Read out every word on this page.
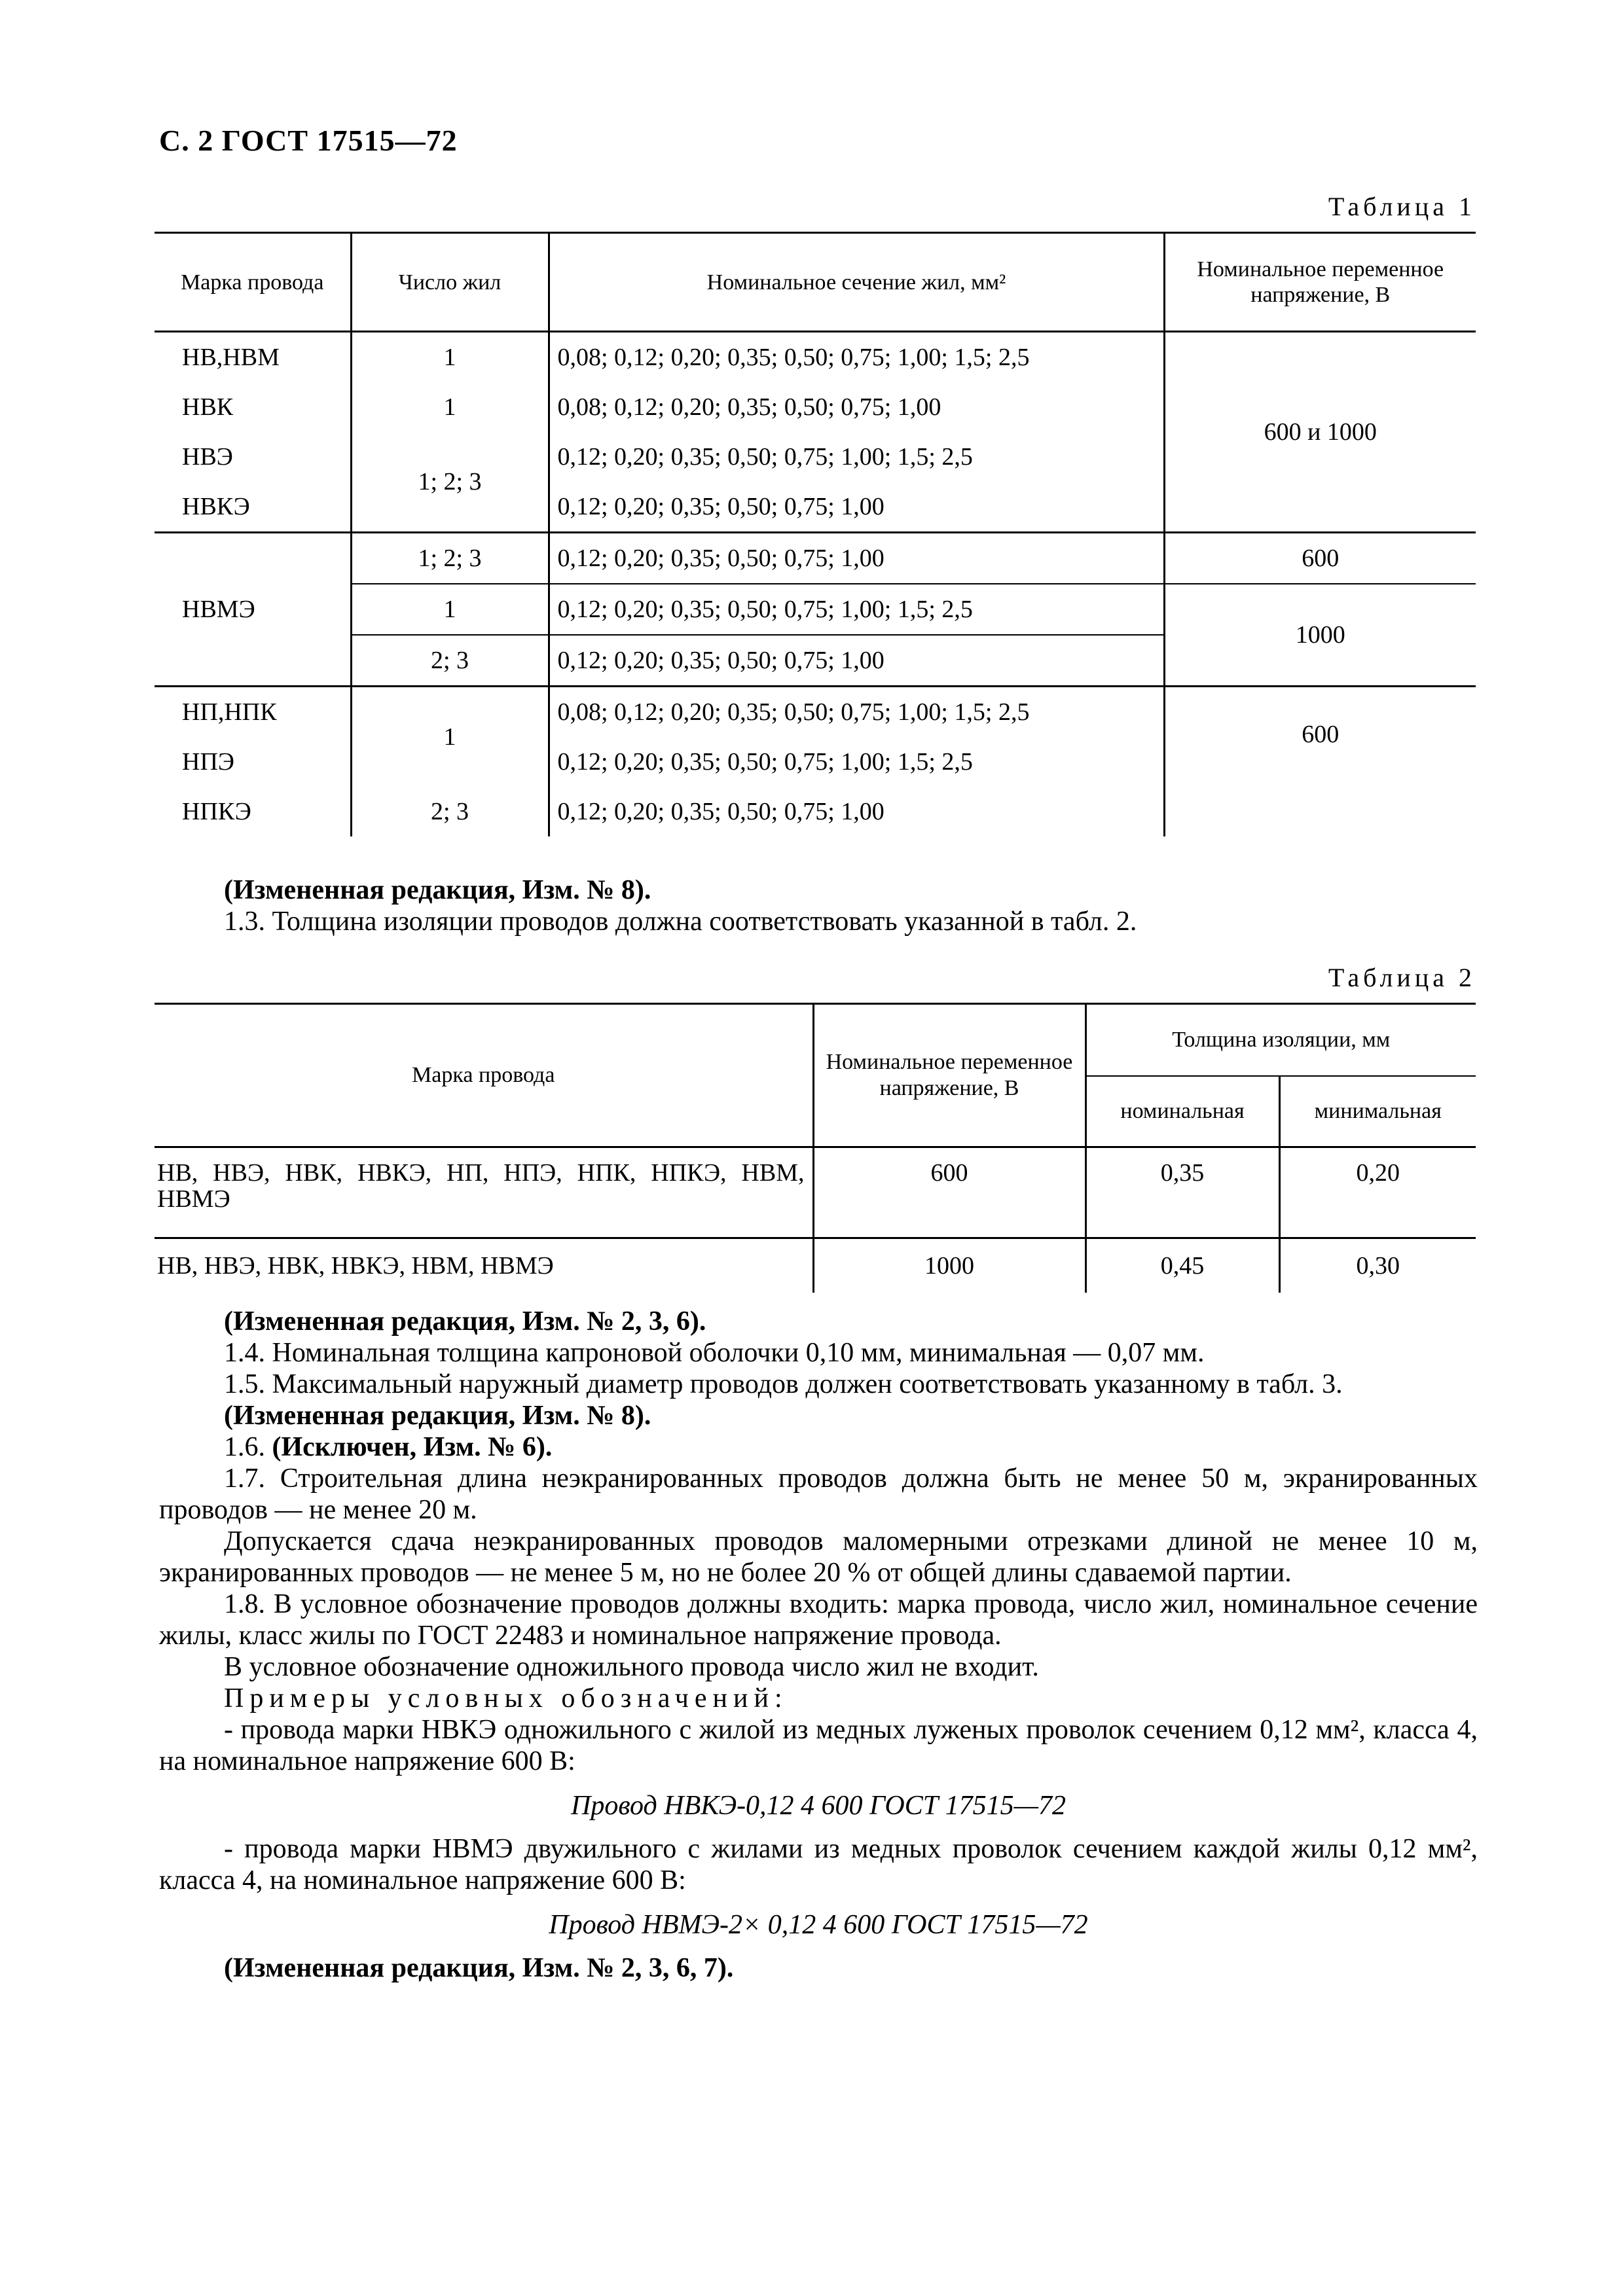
С. 2 ГОСТ 17515—72
Таблица 1
Марка провода	Число жил	Номинальное сечение жил, мм²	Номинальное переменное напряжение, В
НВ,НВМ	1	0,08; 0,12; 0,20; 0,35; 0,50; 0,75; 1,00; 1,5; 2,5	600 и 1000
НВК	1	0,08; 0,12; 0,20; 0,35; 0,50; 0,75; 1,00	
НВЭ	1; 2; 3	0,12; 0,20; 0,35; 0,50; 0,75; 1,00; 1,5; 2,5	
НВКЭ		0,12; 0,20; 0,35; 0,50; 0,75; 1,00	
НВМЭ	1; 2; 3	0,12; 0,20; 0,35; 0,50; 0,75; 1,00	600
	1	0,12; 0,20; 0,35; 0,50; 0,75; 1,00; 1,5; 2,5	1000
	2; 3	0,12; 0,20; 0,35; 0,50; 0,75; 1,00	
НП,НПК	1	0,08; 0,12; 0,20; 0,35; 0,50; 0,75; 1,00; 1,5; 2,5	600
НПЭ		0,12; 0,20; 0,35; 0,50; 0,75; 1,00; 1,5; 2,5	
НПКЭ	2; 3	0,12; 0,20; 0,35; 0,50; 0,75; 1,00	

(Измененная редакция, Изм. № 8).

1.3. Толщина изоляции проводов должна соответствовать указанной в табл. 2.

Таблица 2
Марка провода	Номинальное переменное напряжение, В	Толщина изоляции, мм	
		номинальная	минимальная
НВ, НВЭ, НВК, НВКЭ, НП, НПЭ, НПК, НПКЭ, НВМ, НВМЭ	600	0,35	0,20
НВ, НВЭ, НВК, НВКЭ, НВМ, НВМЭ	1000	0,45	0,30

(Измененная редакция, Изм. № 2, 3, 6).

1.4. Номинальная толщина капроновой оболочки 0,10 мм, минимальная — 0,07 мм.

1.5. Максимальный наружный диаметр проводов должен соответствовать указанному в табл. 3.

(Измененная редакция, Изм. № 8).

1.6. (Исключен, Изм. № 6).

1.7. Строительная длина неэкранированных проводов должна быть не менее 50 м, экранированных проводов — не менее 20 м.

Допускается сдача неэкранированных проводов маломерными отрезками длиной не менее 10 м, экранированных проводов — не менее 5 м, но не более 20 % от общей длины сдаваемой партии.

1.8. В условное обозначение проводов должны входить: марка провода, число жил, номинальное сечение жилы, класс жилы по ГОСТ 22483 и номинальное напряжение провода.

В условное обозначение одножильного провода число жил не входит.

Примеры условных обозначений:

- провода марки НВКЭ одножильного с жилой из медных луженых проволок сечением 0,12 мм², класса 4, на номинальное напряжение 600 В:

Провод НВКЭ-0,12 4 600 ГОСТ 17515—72

- провода марки НВМЭ двужильного с жилами из медных проволок сечением каждой жилы 0,12 мм², класса 4, на номинальное напряжение 600 В:

Провод НВМЭ-2× 0,12 4 600 ГОСТ 17515—72

(Измененная редакция, Изм. № 2, 3, 6, 7).
